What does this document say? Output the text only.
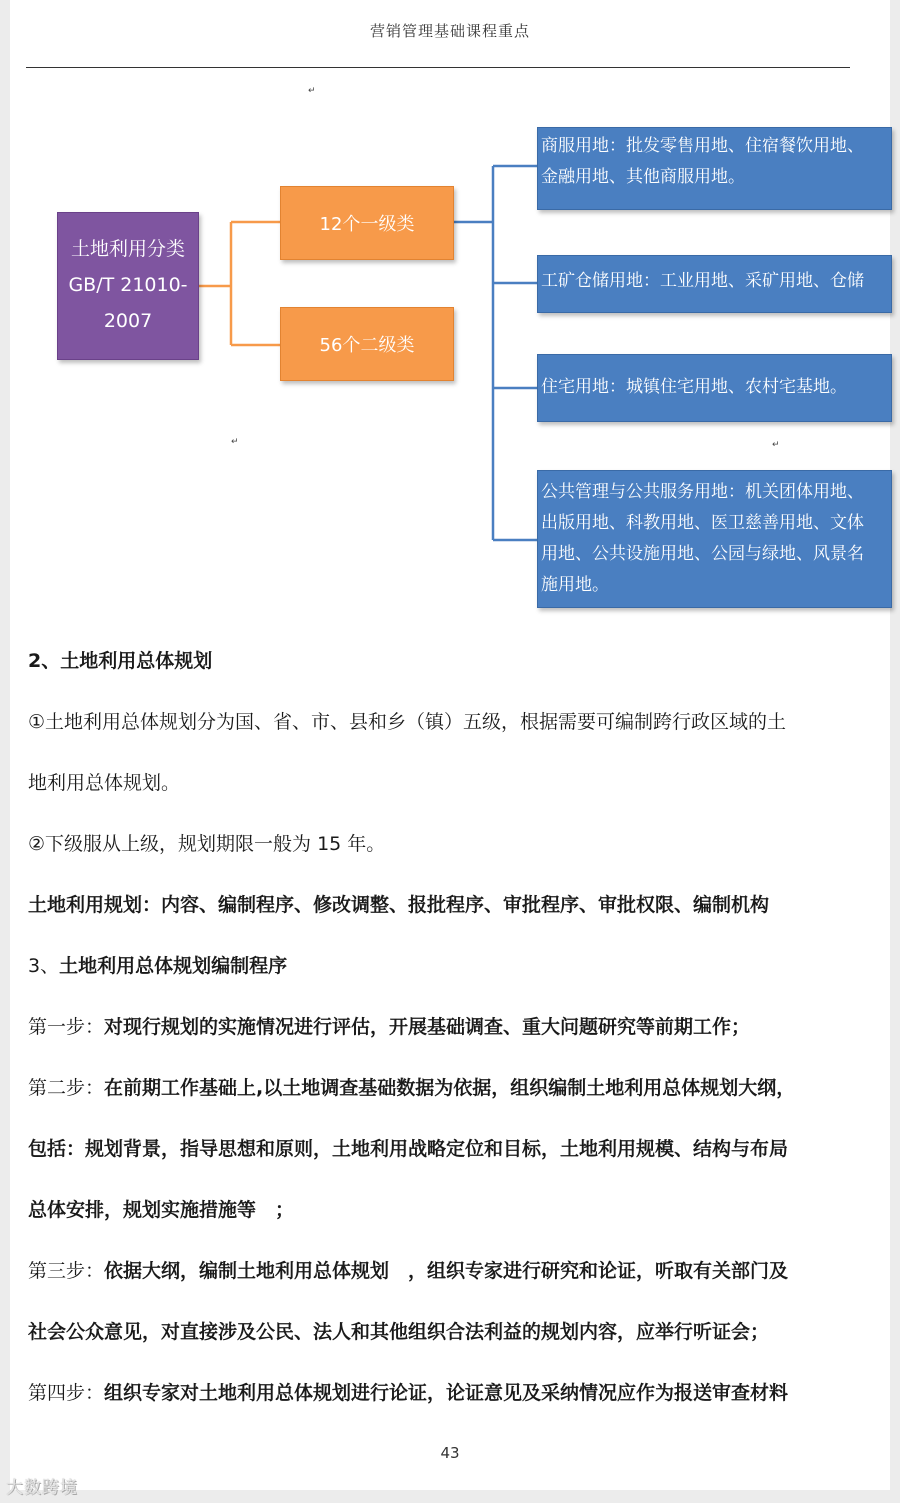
营销管理基础课程重点
↵
↵	↵
土地利用分类
GB/T 21010-
2007
12个一级类
56个二级类
商服用地：批发零售用地、住宿餐饮用地、
金融用地、其他商服用地。
工矿仓储用地：工业用地、采矿用地、仓储
住宅用地：城镇住宅用地、农村宅基地。
公共管理与公共服务用地：机关团体用地、
出版用地、科教用地、医卫慈善用地、文体
用地、公共设施用地、公园与绿地、风景名
施用地。
2、土地利用总体规划
①土地利用总体规划分为国、省、市、县和乡（镇）五级，根据需要可编制跨行政区域的土
地利用总体规划。
②下级服从上级，规划期限一般为 15 年。
土地利用规划：内容、编制程序、修改调整、报批程序、审批程序、审批权限、编制机构
3、土地利用总体规划编制程序
第一步：对现行规划的实施情况进行评估，开展基础调查、重大问题研究等前期工作；
第二步：在前期工作基础上,以土地调查基础数据为依据，组织编制土地利用总体规划大纲，
包括：规划背景，指导思想和原则，土地利用战略定位和目标，土地利用规模、结构与布局
总体安排，规划实施措施等　；
第三步：依据大纲，编制土地利用总体规划　，组织专家进行研究和论证，听取有关部门及
社会公众意见，对直接涉及公民、法人和其他组织合法利益的规划内容，应举行听证会；
第四步：组织专家对土地利用总体规划进行论证，论证意见及采纳情况应作为报送审查材料
43
大数跨境
